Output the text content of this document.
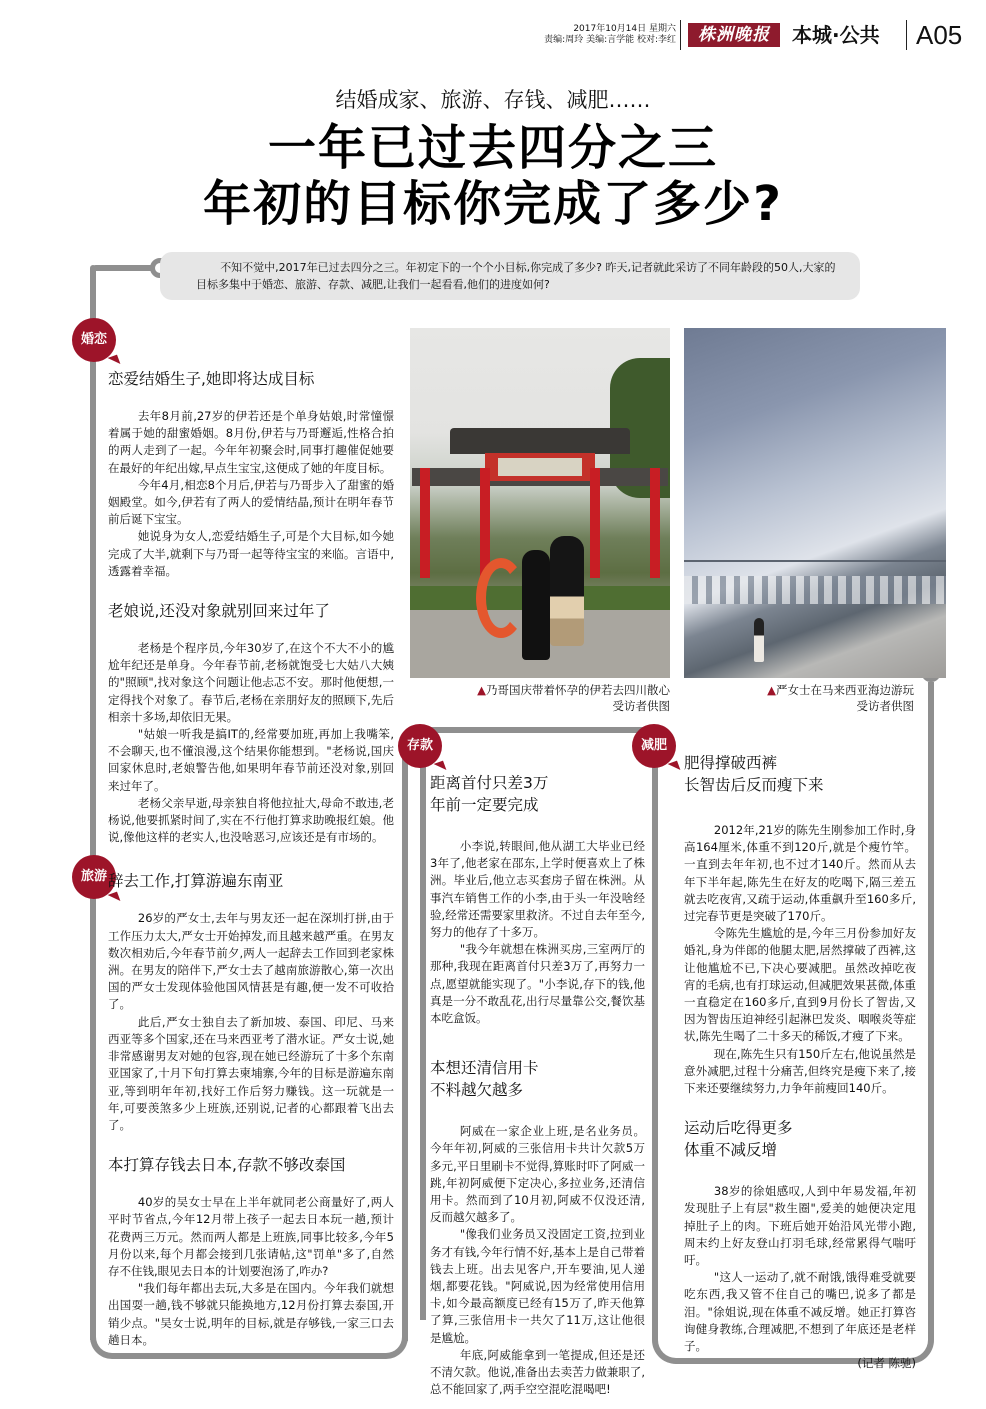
2017年10月14日 星期六
责编:周玲 美编:言学能 校对:李红	株洲晚报	本城·公共 A05
结婚成家、旅游、存钱、减肥……
一年已过去四分之三
年初的目标你完成了多少?

不知不觉中,2017年已过去四分之三。年初定下的一个个小目标,你完成了多少? 昨天,记者就此采访了不同年龄段的50人,大家的目标多集中于婚恋、旅游、存款、减肥,让我们一起看看,他们的进度如何?

婚恋
旅游
存款	减肥
恋爱结婚生子,她即将达成目标

去年8月前,27岁的伊若还是个单身姑娘,时常憧憬着属于她的甜蜜婚姻。8月份,伊若与乃哥邂逅,性格合拍的两人走到了一起。今年年初聚会时,同事打趣催促她要在最好的年纪出嫁,早点生宝宝,这便成了她的年度目标。

今年4月,相恋8个月后,伊若与乃哥步入了甜蜜的婚姻殿堂。如今,伊若有了两人的爱情结晶,预计在明年春节前后诞下宝宝。

她说身为女人,恋爱结婚生子,可是个大目标,如今她完成了大半,就剩下与乃哥一起等待宝宝的来临。言语中,透露着幸福。

老娘说,还没对象就别回来过年了

老杨是个程序员,今年30岁了,在这个不大不小的尴尬年纪还是单身。今年春节前,老杨就饱受七大姑八大姨的"照顾",找对象这个问题让他忐忑不安。那时他便想,一定得找个对象了。春节后,老杨在亲朋好友的照顾下,先后相亲十多场,却依旧无果。

"姑娘一听我是搞IT的,经常要加班,再加上我嘴笨,不会聊天,也不懂浪漫,这个结果你能想到。"老杨说,国庆回家休息时,老娘警告他,如果明年春节前还没对象,别回来过年了。

老杨父亲早逝,母亲独自将他拉扯大,母命不敢违,老杨说,他要抓紧时间了,实在不行他打算求助晚报红娘。他说,像他这样的老实人,也没啥恶习,应该还是有市场的。

辞去工作,打算游遍东南亚

26岁的严女士,去年与男友还一起在深圳打拼,由于工作压力太大,严女士开始掉发,而且越来越严重。在男友数次相劝后,今年春节前夕,两人一起辞去工作回到老家株洲。在男友的陪伴下,严女士去了越南旅游散心,第一次出国的严女士发现体验他国风情甚是有趣,便一发不可收拾了。

此后,严女士独自去了新加坡、泰国、印尼、马来西亚等多个国家,还在马来西亚考了潜水证。严女士说,她非常感谢男友对她的包容,现在她已经游玩了十多个东南亚国家了,十月下旬打算去柬埔寨,今年的目标是游遍东南亚,等到明年年初,找好工作后努力赚钱。这一玩就是一年,可要羡煞多少上班族,还别说,记者的心都跟着飞出去了。

本打算存钱去日本,存款不够改泰国

40岁的吴女士早在上半年就同老公商量好了,两人平时节省点,今年12月带上孩子一起去日本玩一趟,预计花费两三万元。然而两人都是上班族,同事比较多,今年5月份以来,每个月都会接到几张请帖,这"罚单"多了,自然存不住钱,眼见去日本的计划要泡汤了,咋办?

"我们每年都出去玩,大多是在国内。今年我们就想出国耍一趟,钱不够就只能换地方,12月份打算去泰国,开销少点。"吴女士说,明年的目标,就是存够钱,一家三口去趟日本。

▲乃哥国庆带着怀孕的伊若去四川散心
受访者供图
▲严女士在马来西亚海边游玩
受访者供图
距离首付只差3万
年前一定要完成

小李说,转眼间,他从湖工大毕业已经3年了,他老家在邵东,上学时便喜欢上了株洲。毕业后,他立志买套房子留在株洲。从事汽车销售工作的小李,由于头一年没啥经验,经常还需要家里救济。不过自去年至今,努力的他存了十多万。

"我今年就想在株洲买房,三室两厅的那种,我现在距离首付只差3万了,再努力一点,愿望就能实现了。"小李说,存下的钱,他真是一分不敢乱花,出行尽量靠公交,餐饮基本吃盒饭。

本想还清信用卡
不料越欠越多

阿威在一家企业上班,是名业务员。今年年初,阿威的三张信用卡共计欠款5万多元,平日里刷卡不觉得,算账时吓了阿威一跳,年初阿威便下定决心,多拉业务,还清信用卡。然而到了10月初,阿威不仅没还清,反而越欠越多了。

"像我们业务员又没固定工资,拉到业务才有钱,今年行情不好,基本上是自己带着钱去上班。出去见客户,开车要油,见人递烟,都要花钱。"阿威说,因为经常使用信用卡,如今最高额度已经有15万了,昨天他算了算,三张信用卡一共欠了11万,这让他很是尴尬。

年底,阿威能拿到一笔提成,但还是还不清欠款。他说,准备出去卖苦力做兼职了,总不能回家了,两手空空混吃混喝吧!

肥得撑破西裤
长智齿后反而瘦下来

2012年,21岁的陈先生刚参加工作时,身高164厘米,体重不到120斤,就是个瘦竹竿。一直到去年年初,也不过才140斤。然而从去年下半年起,陈先生在好友的吃喝下,隔三差五就去吃夜宵,又疏于运动,体重飙升至160多斤,过完春节更是突破了170斤。

令陈先生尴尬的是,今年三月份参加好友婚礼,身为伴郎的他腿太肥,居然撑破了西裤,这让他尴尬不已,下决心要减肥。虽然改掉吃夜宵的毛病,也有打球运动,但减肥效果甚微,体重一直稳定在160多斤,直到9月份长了智齿,又因为智齿压迫神经引起淋巴发炎、咽喉炎等症状,陈先生喝了二十多天的稀饭,才瘦了下来。

现在,陈先生只有150斤左右,他说虽然是意外减肥,过程十分痛苦,但终究是瘦下来了,接下来还要继续努力,力争年前瘦回140斤。

运动后吃得更多
体重不减反增

38岁的徐姐感叹,人到中年易发福,年初发现肚子上有层"救生圈",爱美的她便决定甩掉肚子上的肉。下班后她开始沿风光带小跑,周末约上好友登山打羽毛球,经常累得气喘吁吁。

"这人一运动了,就不耐饿,饿得难受就要吃东西,我又管不住自己的嘴巴,说多了都是泪。"徐姐说,现在体重不减反增。她正打算咨询健身教练,合理减肥,不想到了年底还是老样子。

(记者 陈驰)
